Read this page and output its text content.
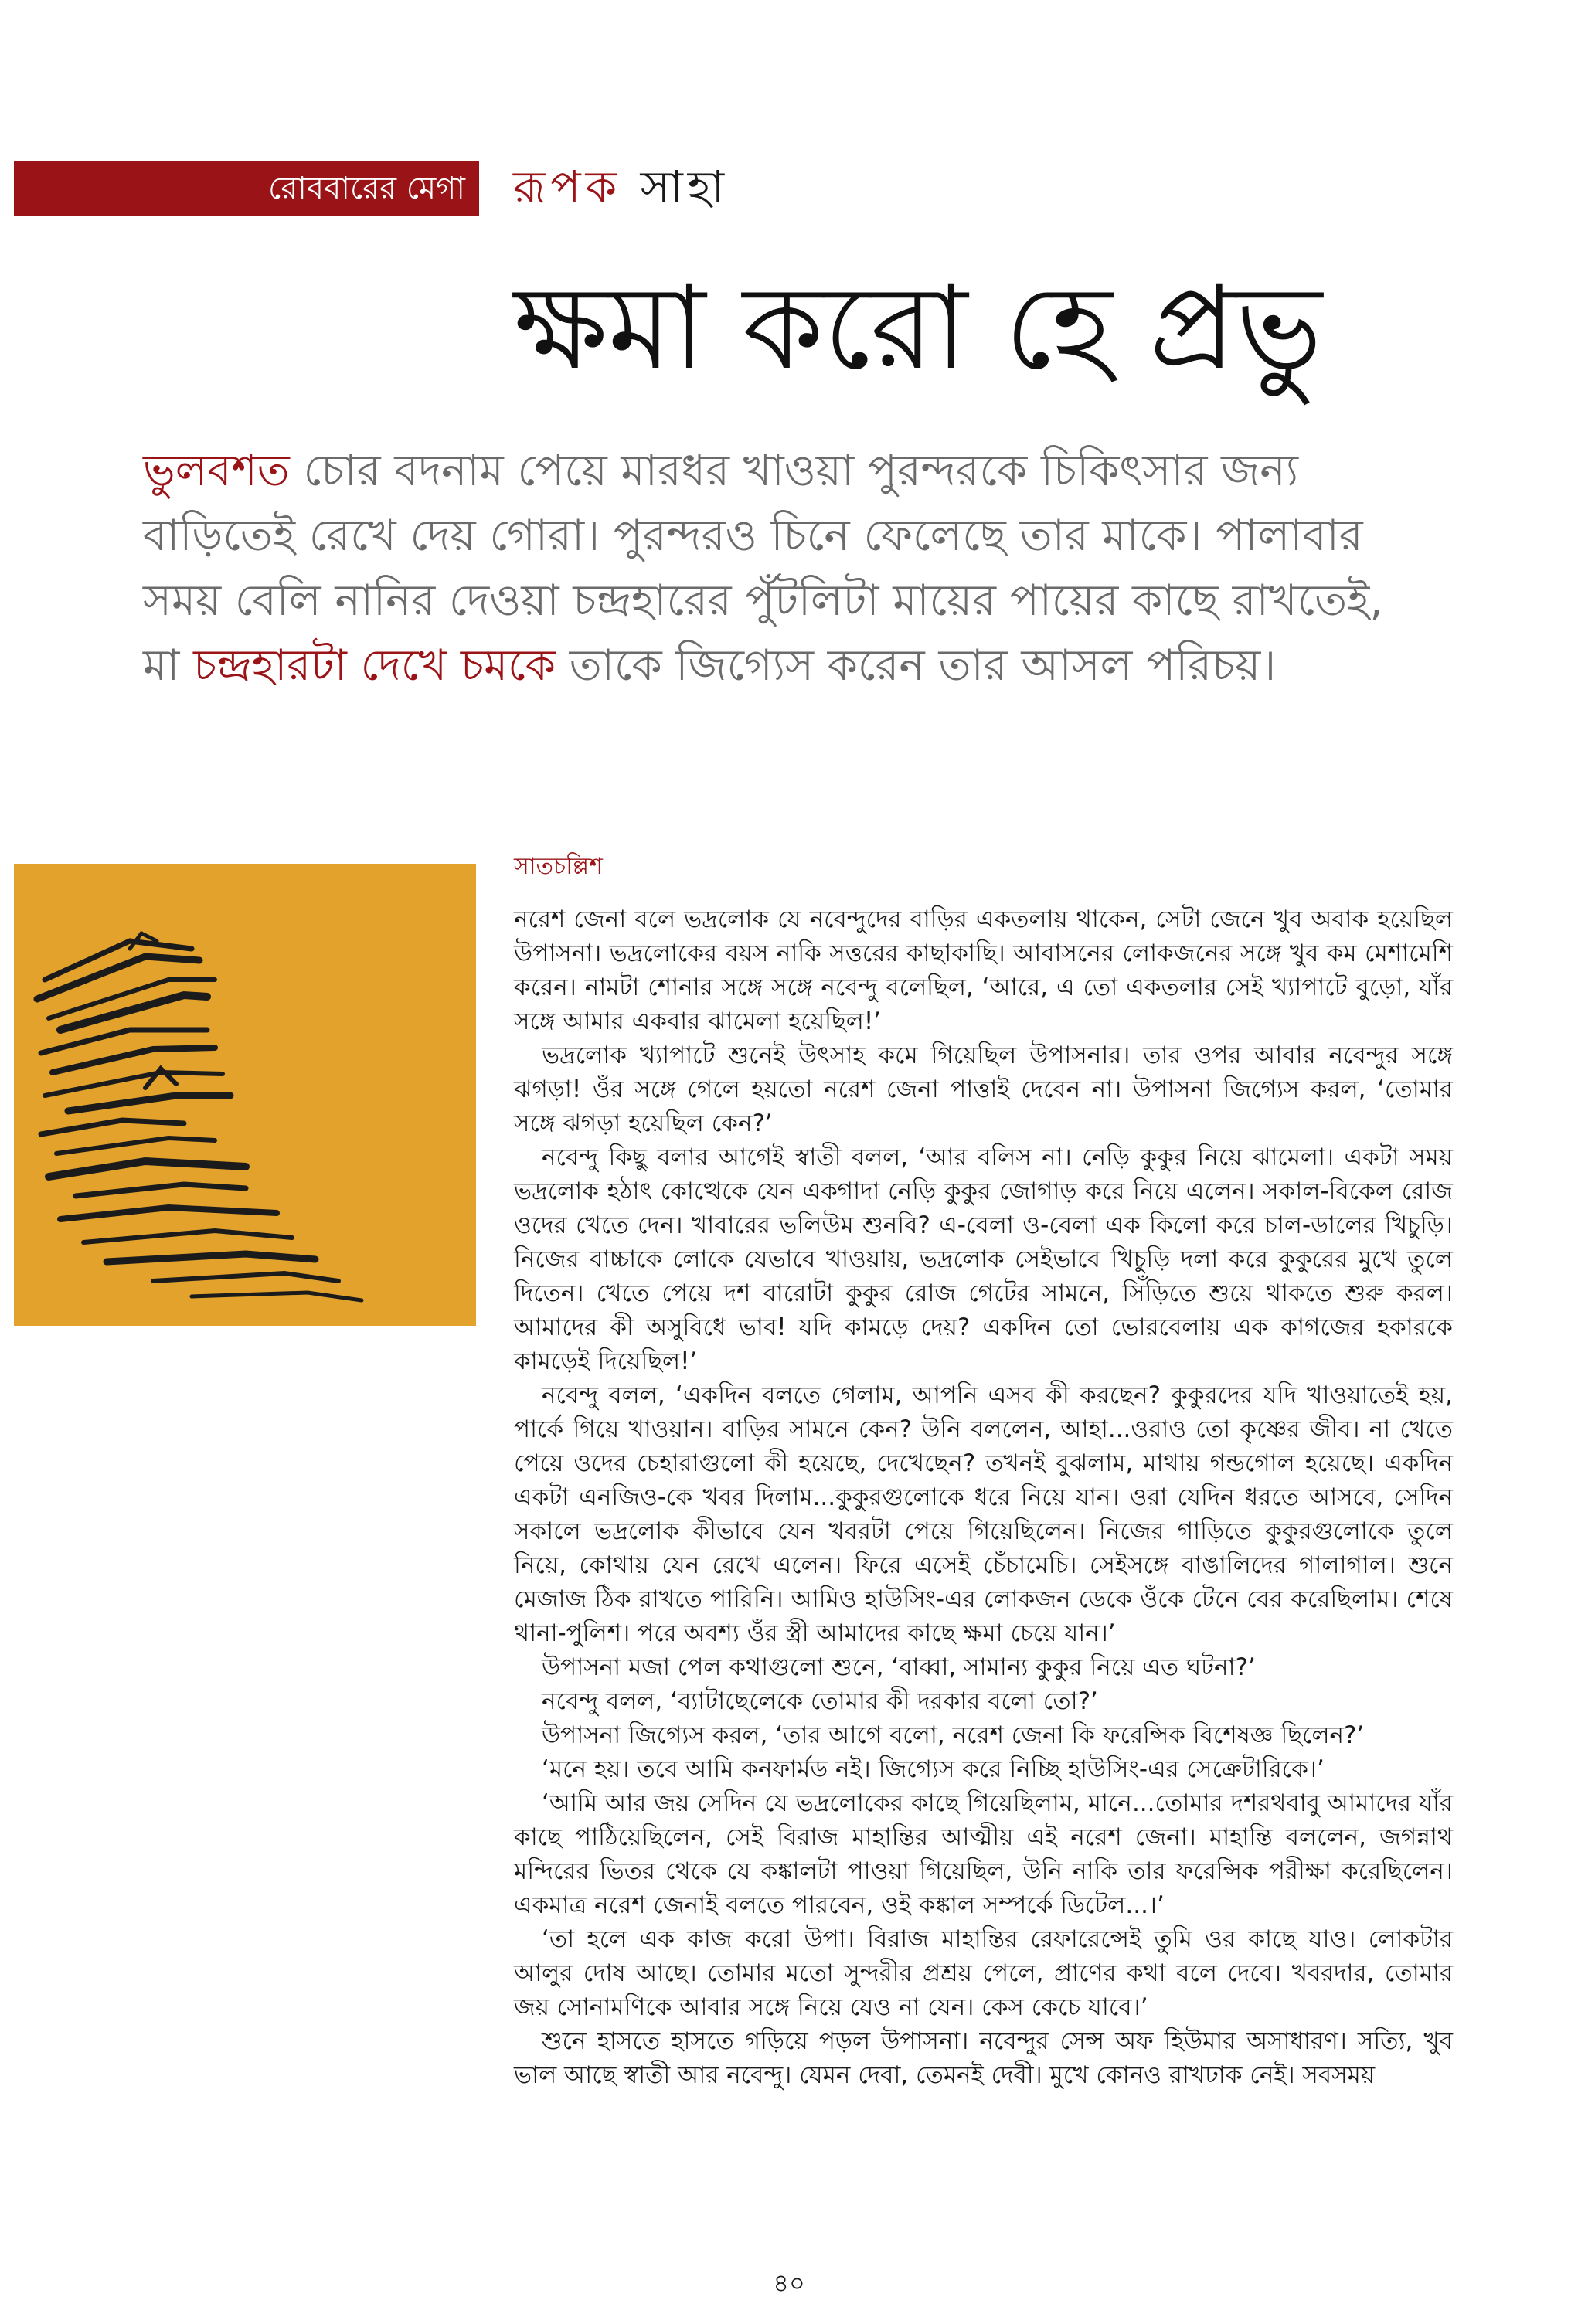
রোববারের মেগা রূপক সাহা
ক্ষমা করো হে প্রভু
ভুলবশত চোর বদনাম পেয়ে মারধর খাওয়া পুরন্দরকে চিকিৎসার জন্য বাড়িতেই রেখে দেয় গোরা। পুরন্দরও চিনে ফেলেছে তার মাকে। পালাবার সময় বেলি নানির দেওয়া চন্দ্রহারের পুঁটলিটা মায়ের পায়ের কাছে রাখতেই, মা চন্দ্রহারটা দেখে চমকে তাকে জিগ্যেস করেন তার আসল পরিচয়।
সাতচল্লিশ

নরেশ জেনা বলে ভদ্রলোক যে নবেন্দুদের বাড়ির একতলায় থাকেন, সেটা জেনে খুব অবাক হয়েছিল উপাসনা। ভদ্রলোকের বয়স নাকি সত্তরের কাছাকাছি। আবাসনের লোকজনের সঙ্গে খুব কম মেশামেশি করেন। নামটা শোনার সঙ্গে সঙ্গে নবেন্দু বলেছিল, ‘আরে, এ তো একতলার সেই খ্যাপাটে বুড়ো, যাঁর সঙ্গে আমার একবার ঝামেলা হয়েছিল!’

ভদ্রলোক খ্যাপাটে শুনেই উৎসাহ কমে গিয়েছিল উপাসনার। তার ওপর আবার নবেন্দুর সঙ্গে ঝগড়া! ওঁর সঙ্গে গেলে হয়তো নরেশ জেনা পাত্তাই দেবেন না। উপাসনা জিগ্যেস করল, ‘তোমার সঙ্গে ঝগড়া হয়েছিল কেন?’

নবেন্দু কিছু বলার আগেই স্বাতী বলল, ‘আর বলিস না। নেড়ি কুকুর নিয়ে ঝামেলা। একটা সময় ভদ্রলোক হঠাৎ কোত্থেকে যেন একগাদা নেড়ি কুকুর জোগাড় করে নিয়ে এলেন। সকাল-বিকেল রোজ ওদের খেতে দেন। খাবারের ভলিউম শুনবি? এ-বেলা ও-বেলা এক কিলো করে চাল-ডালের খিচুড়ি। নিজের বাচ্চাকে লোকে যেভাবে খাওয়ায়, ভদ্রলোক সেইভাবে খিচুড়ি দলা করে কুকুরের মুখে তুলে দিতেন। খেতে পেয়ে দশ বারোটা কুকুর রোজ গেটের সামনে, সিঁড়িতে শুয়ে থাকতে শুরু করল। আমাদের কী অসুবিধে ভাব! যদি কামড়ে দেয়? একদিন তো ভোরবেলায় এক কাগজের হকারকে কামড়েই দিয়েছিল!’

নবেন্দু বলল, ‘একদিন বলতে গেলাম, আপনি এসব কী করছেন? কুকুরদের যদি খাওয়াতেই হয়, পার্কে গিয়ে খাওয়ান। বাড়ির সামনে কেন? উনি বললেন, আহা...ওরাও তো কৃষ্ণের জীব। না খেতে পেয়ে ওদের চেহারাগুলো কী হয়েছে, দেখেছেন? তখনই বুঝলাম, মাথায় গন্ডগোল হয়েছে। একদিন একটা এনজিও-কে খবর দিলাম...কুকুরগুলোকে ধরে নিয়ে যান। ওরা যেদিন ধরতে আসবে, সেদিন সকালে ভদ্রলোক কীভাবে যেন খবরটা পেয়ে গিয়েছিলেন। নিজের গাড়িতে কুকুরগুলোকে তুলে নিয়ে, কোথায় যেন রেখে এলেন। ফিরে এসেই চেঁচামেচি। সেইসঙ্গে বাঙালিদের গালাগাল। শুনে মেজাজ ঠিক রাখতে পারিনি। আমিও হাউসিং-এর লোকজন ডেকে ওঁকে টেনে বের করেছিলাম। শেষে থানা-পুলিশ। পরে অবশ্য ওঁর স্ত্রী আমাদের কাছে ক্ষমা চেয়ে যান।’

উপাসনা মজা পেল কথাগুলো শুনে, ‘বাব্বা, সামান্য কুকুর নিয়ে এত ঘটনা?’

নবেন্দু বলল, ‘ব্যাটাছেলেকে তোমার কী দরকার বলো তো?’

উপাসনা জিগ্যেস করল, ‘তার আগে বলো, নরেশ জেনা কি ফরেন্সিক বিশেষজ্ঞ ছিলেন?’

‘মনে হয়। তবে আমি কনফার্মড নই। জিগ্যেস করে নিচ্ছি হাউসিং-এর সেক্রেটারিকে।’

‘আমি আর জয় সেদিন যে ভদ্রলোকের কাছে গিয়েছিলাম, মানে...তোমার দশরথবাবু আমাদের যাঁর কাছে পাঠিয়েছিলেন, সেই বিরাজ মাহান্তির আত্মীয় এই নরেশ জেনা। মাহান্তি বললেন, জগন্নাথ মন্দিরের ভিতর থেকে যে কঙ্কালটা পাওয়া গিয়েছিল, উনি নাকি তার ফরেন্সিক পরীক্ষা করেছিলেন। একমাত্র নরেশ জেনাই বলতে পারবেন, ওই কঙ্কাল সম্পর্কে ডিটেল...।’

‘তা হলে এক কাজ করো উপা। বিরাজ মাহান্তির রেফারেন্সেই তুমি ওর কাছে যাও। লোকটার আলুর দোষ আছে। তোমার মতো সুন্দরীর প্রশ্রয় পেলে, প্রাণের কথা বলে দেবে। খবরদার, তোমার জয় সোনামণিকে আবার সঙ্গে নিয়ে যেও না যেন। কেস কেচে যাবে।’

শুনে হাসতে হাসতে গড়িয়ে পড়ল উপাসনা। নবেন্দুর সেন্স অফ হিউমার অসাধারণ। সত্যি, খুব ভাল আছে স্বাতী আর নবেন্দু। যেমন দেবা, তেমনই দেবী। মুখে কোনও রাখঢাক নেই। সবসময়

৪০
